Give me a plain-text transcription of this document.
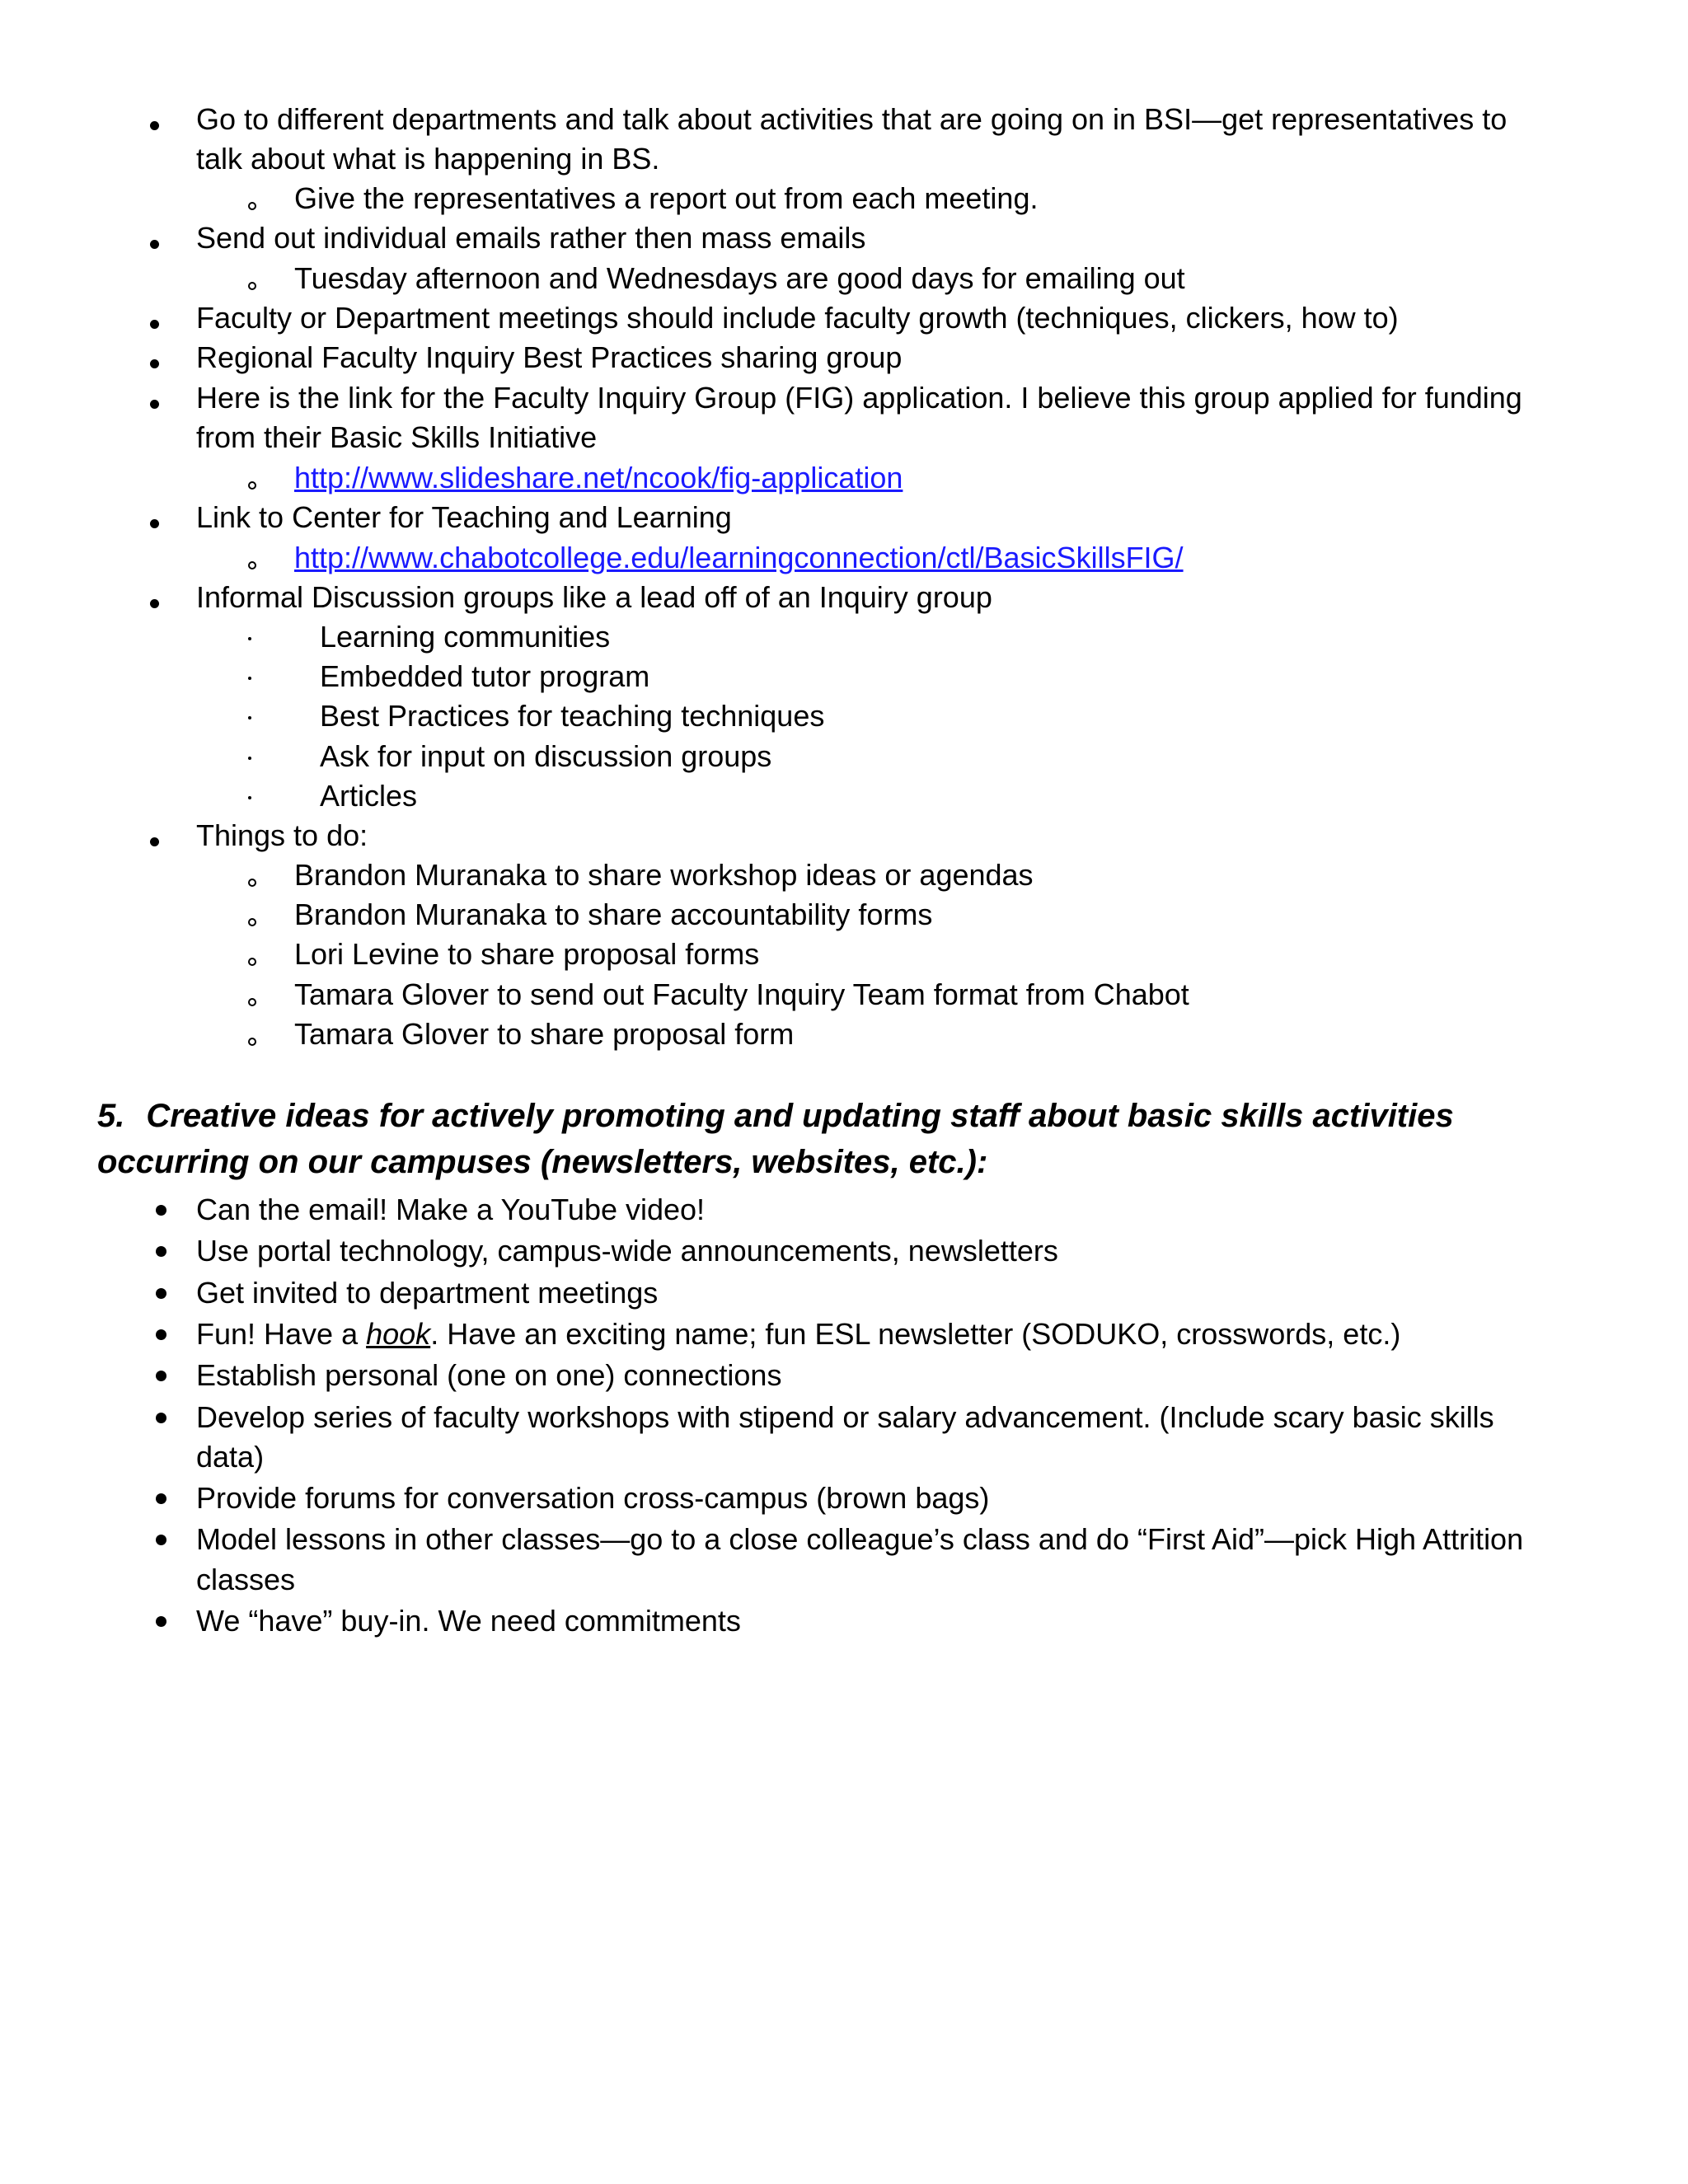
Go to different departments and talk about activities that are going on in BSI—get representatives to
talk about what is happening in BS.
Give the representatives a report out from each meeting.
Send out individual emails rather then mass emails
Tuesday afternoon and Wednesdays are good days for emailing out
Faculty or Department meetings should include faculty growth (techniques, clickers, how to)
Regional Faculty Inquiry Best Practices sharing group
Here is the link for the Faculty Inquiry Group (FIG) application. I believe this group applied for funding
from their Basic Skills Initiative
http://www.slideshare.net/ncook/fig-application
Link to Center for Teaching and Learning
http://www.chabotcollege.edu/learningconnection/ctl/BasicSkillsFIG/
Informal Discussion groups like a lead off of an Inquiry group
Learning communities
Embedded tutor program
Best Practices for teaching techniques
Ask for input on discussion groups
Articles
Things to do:
Brandon Muranaka to share workshop ideas or agendas
Brandon Muranaka to share accountability forms
Lori Levine to share proposal forms
Tamara Glover to send out Faculty Inquiry Team format from Chabot
Tamara Glover to share proposal form
5. Creative ideas for actively promoting and updating staff about basic skills activities
occurring on our campuses (newsletters, websites, etc.):
Can the email! Make a YouTube video!
Use portal technology, campus-wide announcements, newsletters
Get invited to department meetings
Fun! Have a hook. Have an exciting name; fun ESL newsletter (SODUKO, crosswords, etc.)
Establish personal (one on one) connections
Develop series of faculty workshops with stipend or salary advancement. (Include scary basic skills
data)
Provide forums for conversation cross-campus (brown bags)
Model lessons in other classes—go to a close colleague’s class and do “First Aid”—pick High Attrition
classes
We “have” buy-in. We need commitments
